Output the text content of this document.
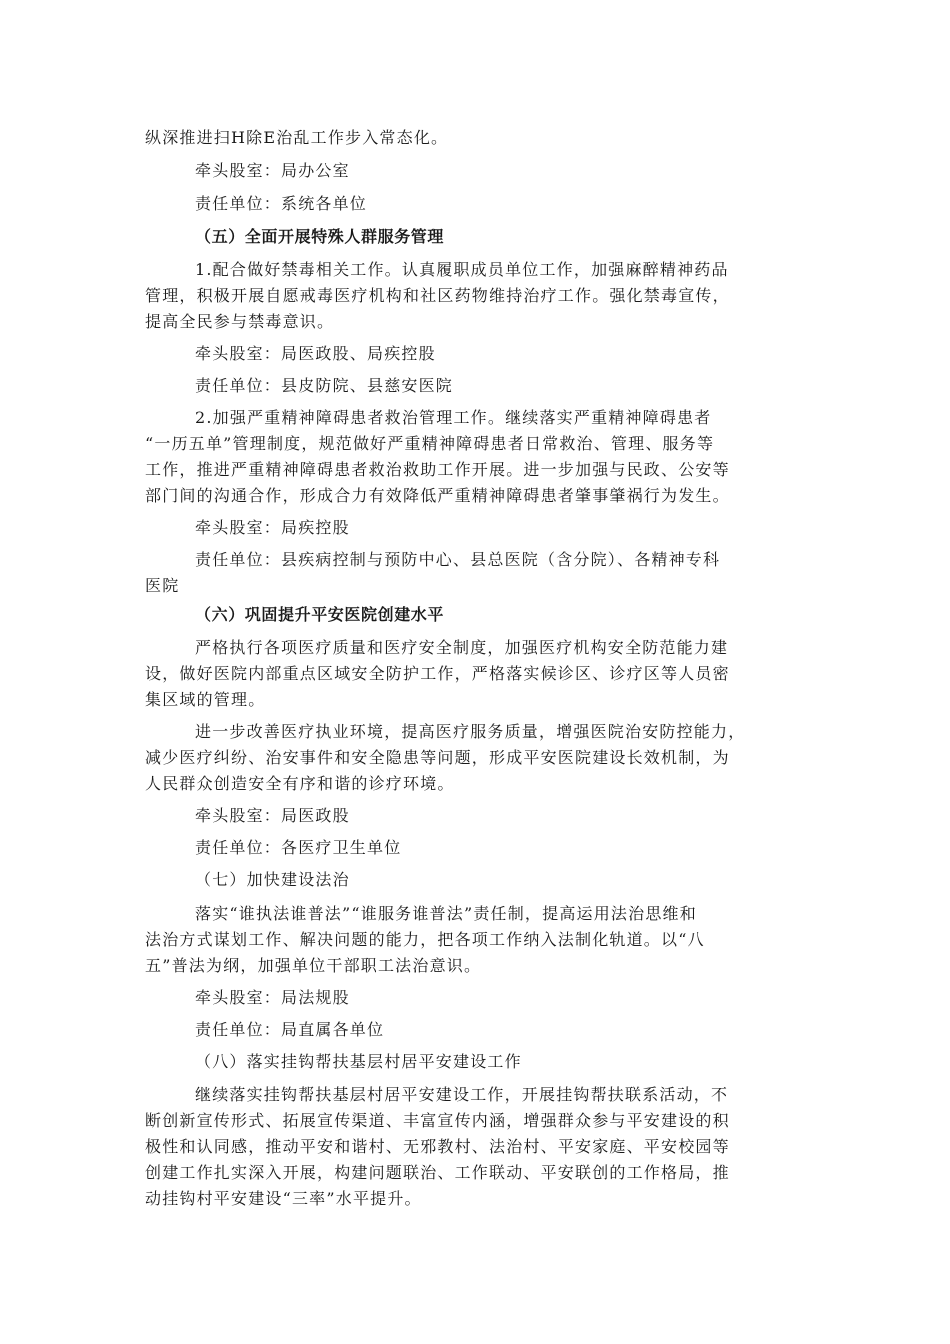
纵深推进扫H除E治乱工作步入常态化。
牵头股室：局办公室
责任单位：系统各单位
（五）全面开展特殊人群服务管理
1.配合做好禁毒相关工作。认真履职成员单位工作，加强麻醉精神药品
管理，积极开展自愿戒毒医疗机构和社区药物维持治疗工作。强化禁毒宣传，
提高全民参与禁毒意识。
牵头股室：局医政股、局疾控股
责任单位：县皮防院、县慈安医院
2.加强严重精神障碍患者救治管理工作。继续落实严重精神障碍患者
“一历五单”管理制度，规范做好严重精神障碍患者日常救治、管理、服务等
工作，推进严重精神障碍患者救治救助工作开展。进一步加强与民政、公安等
部门间的沟通合作，形成合力有效降低严重精神障碍患者肇事肇祸行为发生。
牵头股室：局疾控股
责任单位：县疾病控制与预防中心、县总医院（含分院）、各精神专科
医院
（六）巩固提升平安医院创建水平
严格执行各项医疗质量和医疗安全制度，加强医疗机构安全防范能力建
设，做好医院内部重点区域安全防护工作，严格落实候诊区、诊疗区等人员密
集区域的管理。
进一步改善医疗执业环境，提高医疗服务质量，增强医院治安防控能力，
减少医疗纠纷、治安事件和安全隐患等问题，形成平安医院建设长效机制，为
人民群众创造安全有序和谐的诊疗环境。
牵头股室：局医政股
责任单位：各医疗卫生单位
（七）加快建设法治
落实“谁执法谁普法”“谁服务谁普法”责任制，提高运用法治思维和
法治方式谋划工作、解决问题的能力，把各项工作纳入法制化轨道。以“八
五”普法为纲，加强单位干部职工法治意识。
牵头股室：局法规股
责任单位：局直属各单位
（八）落实挂钩帮扶基层村居平安建设工作
继续落实挂钩帮扶基层村居平安建设工作，开展挂钩帮扶联系活动，不
断创新宣传形式、拓展宣传渠道、丰富宣传内涵，增强群众参与平安建设的积
极性和认同感，推动平安和谐村、无邪教村、法治村、平安家庭、平安校园等
创建工作扎实深入开展，构建问题联治、工作联动、平安联创的工作格局，推
动挂钩村平安建设“三率”水平提升。
